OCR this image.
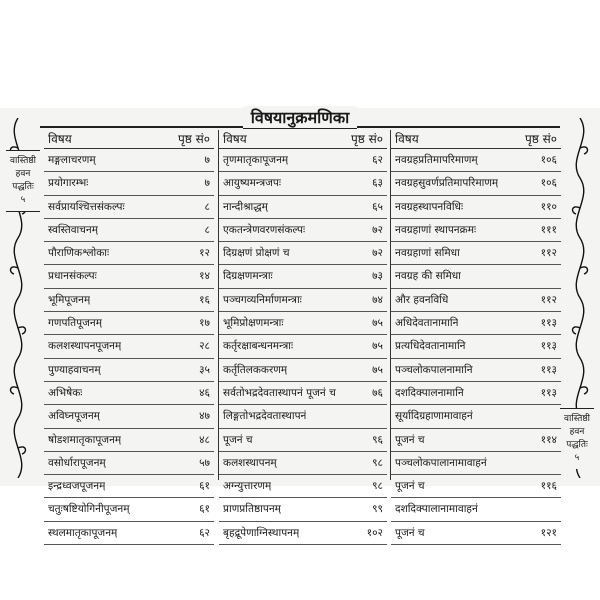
वास्तिष्ठी
हवन
पद्धतिः
५
वास्तिष्ठी
हवन
पद्धतिः
५
विषयानुक्रमणिका
विषय	पृष्ठ सं०
मङ्गलाचरणम्	७
प्रयोगारम्भः	७
सर्वप्रायश्चित्तसंकल्पः	८
स्वस्तिवाचनम्	८
पौराणिकश्लोकाः	१२
प्रधानसंकल्पः	१४
भूमिपूजनम्	१६
गणपतिपूजनम्	१७
कलशस्थापनपूजनम्	२८
पुण्याहवाचनम्	३५
अभिषेकः	४६
अविघ्नपूजनम्	४७
षोडशमातृकापूजनम्	४८
वसोर्धारापूजनम्	५७
इन्द्रध्वजपूजनम्	६१
चतुःषष्टियोगिनीपूजनम्	६१
स्थलमातृकापूजनम्	६२
विषय	पृष्ठ सं०
तृणमातृकापूजनम्	६२
आयुष्यमन्त्रजपः	६३
नान्दीश्राद्धम्	६५
एकतन्त्रेणवरणसंकल्पः	७२
दिग्रक्षणं प्रोक्षणं च	७२
दिग्रक्षणमन्त्राः	७३
पञ्चगव्यनिर्माणमन्त्राः	७४
भूमिप्रोक्षणमन्त्राः	७५
कर्तृरक्षाबन्धनमन्त्राः	७५
कर्तृतिलककरणम्	७५
सर्वतोभद्रदेवतास्थापनं पूजनं च	७६
लिङ्गतोभद्रदेवतास्थापनं
पूजनं च	९६
कलशस्थापनम्	९८
अग्न्युत्तारणम्	९८
प्राणप्रतिष्ठापनम्	९९
बृहद्रूपेणाग्निस्थापनम्	१०२
विषय	पृष्ठ सं०
नवग्रहप्रतिमापरिमाणम्	१०६
नवग्रहसुवर्णप्रतिमापरिमाणम्	१०६
नवग्रहस्थापनविधिः	११०
नवग्रहाणां स्थापनक्रमः	१११
नवग्रहाणां समिधा	११२
नवग्रह की समिधा
और हवनविधि	११२
अधिदेवतानामानि	११३
प्रत्यधिदेवतानामानि	११३
पञ्चलोकपालनामानि	११३
दशदिक्पालनामानि	११३
सूर्यादिग्रहाणामावाहनं
पूजनं च	११४
पञ्चलोकपालानामावाहनं
पूजनं च	११६
दशदिक्पालानामावाहनं
पूजनं च	१२१
